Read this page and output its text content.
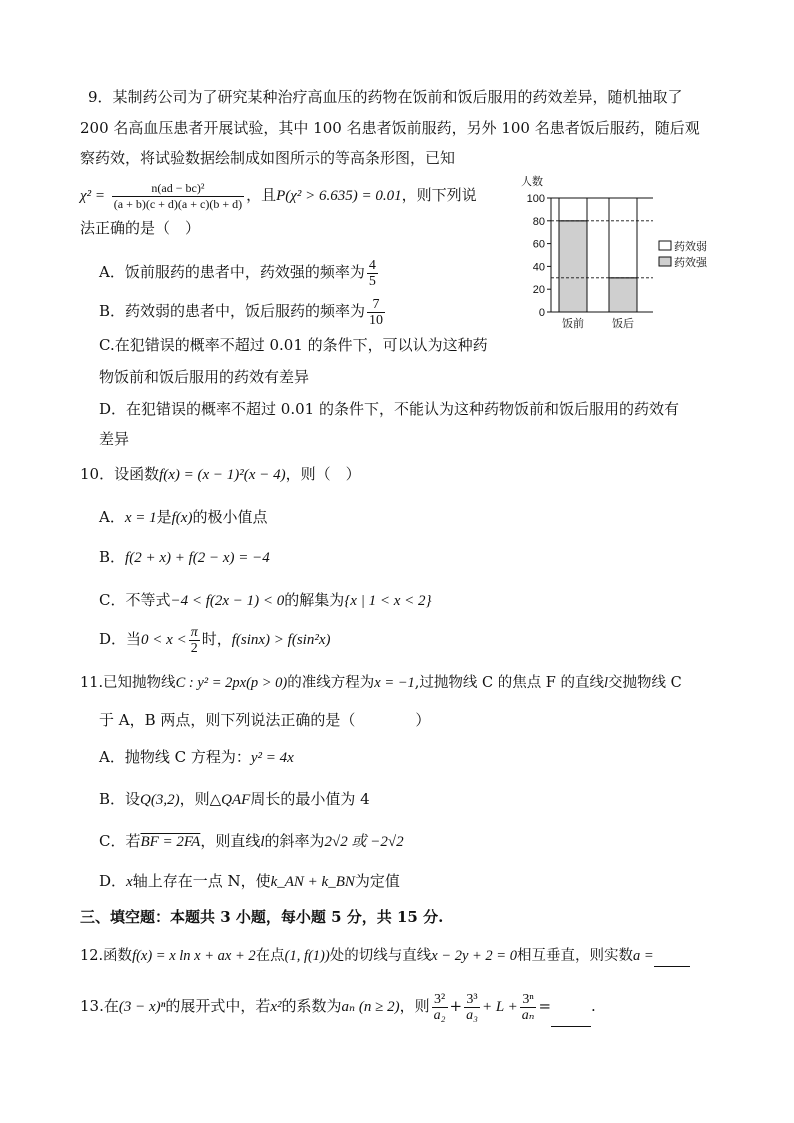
9．某制药公司为了研究某种治疗高血压的药物在饭前和饭后服用的药效差异，随机抽取了
200 名高血压患者开展试验，其中 100 名患者饭前服药，另外 100 名患者饭后服药，随后观
察药效，将试验数据绘制成如图所示的等高条形图，已知
$\chi^2 = \frac{\text{n(ad − bc)²}}{(a + b)(c + d)(a + c)(b + d)}$ ，且P(χ² > 6.635) = 0.01，则下列说
法正确的是（　）
A．饭前服药的患者中，药效强的频率为 $\frac{4}{5}$
B．药效弱的患者中，饭后服药的频率为 $\frac{7}{10}$
C.在犯错误的概率不超过 0.01 的条件下，可以认为这种药
物饭前和饭后服用的药效有差异
D．在犯错误的概率不超过 0.01 的条件下，不能认为这种药物饭前和饭后服用的药效有
差异
人数
0
20
40
60
80
100
饭前	饭后
药效弱
药效强
10．设函数f(x) = (x − 1)²(x − 4)，则（　）
A．x = 1是f(x)的极小值点
B．f(2 + x) + f(2 − x) = −4
C．不等式−4 < f(2x − 1) < 0的解集为{x | 1 < x < 2}
D．当$0 < x < \frac{\pi}{2}$ 时，f(sinx) > f(sin²x)
11.已知抛物线C : y² = 2px(p > 0)的准线方程为x = −1,过抛物线 C 的焦点 F 的直线l交抛物线 C
于 A，B 两点，则下列说法正确的是（　　　　）
A．抛物线 C 方程为：y² = 4x
B．设Q(3,2)，则△QAF周长的最小值为 4
C．若BF = 2FA，则直线l的斜率为2√2 或 −2√2
D．x轴上存在一点 N，使k_AN + k_BN为定值
三、填空题：本题共 3 小题，每小题 5 分，共 15 分.
12.函数f(x) = x ln x + ax + 2在点(1, f(1))处的切线与直线x − 2y + 2 = 0相互垂直，则实数a =
13.在(3 − x)ⁿ的展开式中，若x²的系数为aₙ (n ≥ 2)，则 $\frac{\text{3²}}{\text{a₂}} + \frac{\text{3³}}{\text{a₃}} + L + \frac{\text{3ⁿ}}{\text{aₙ}}$ =	.
